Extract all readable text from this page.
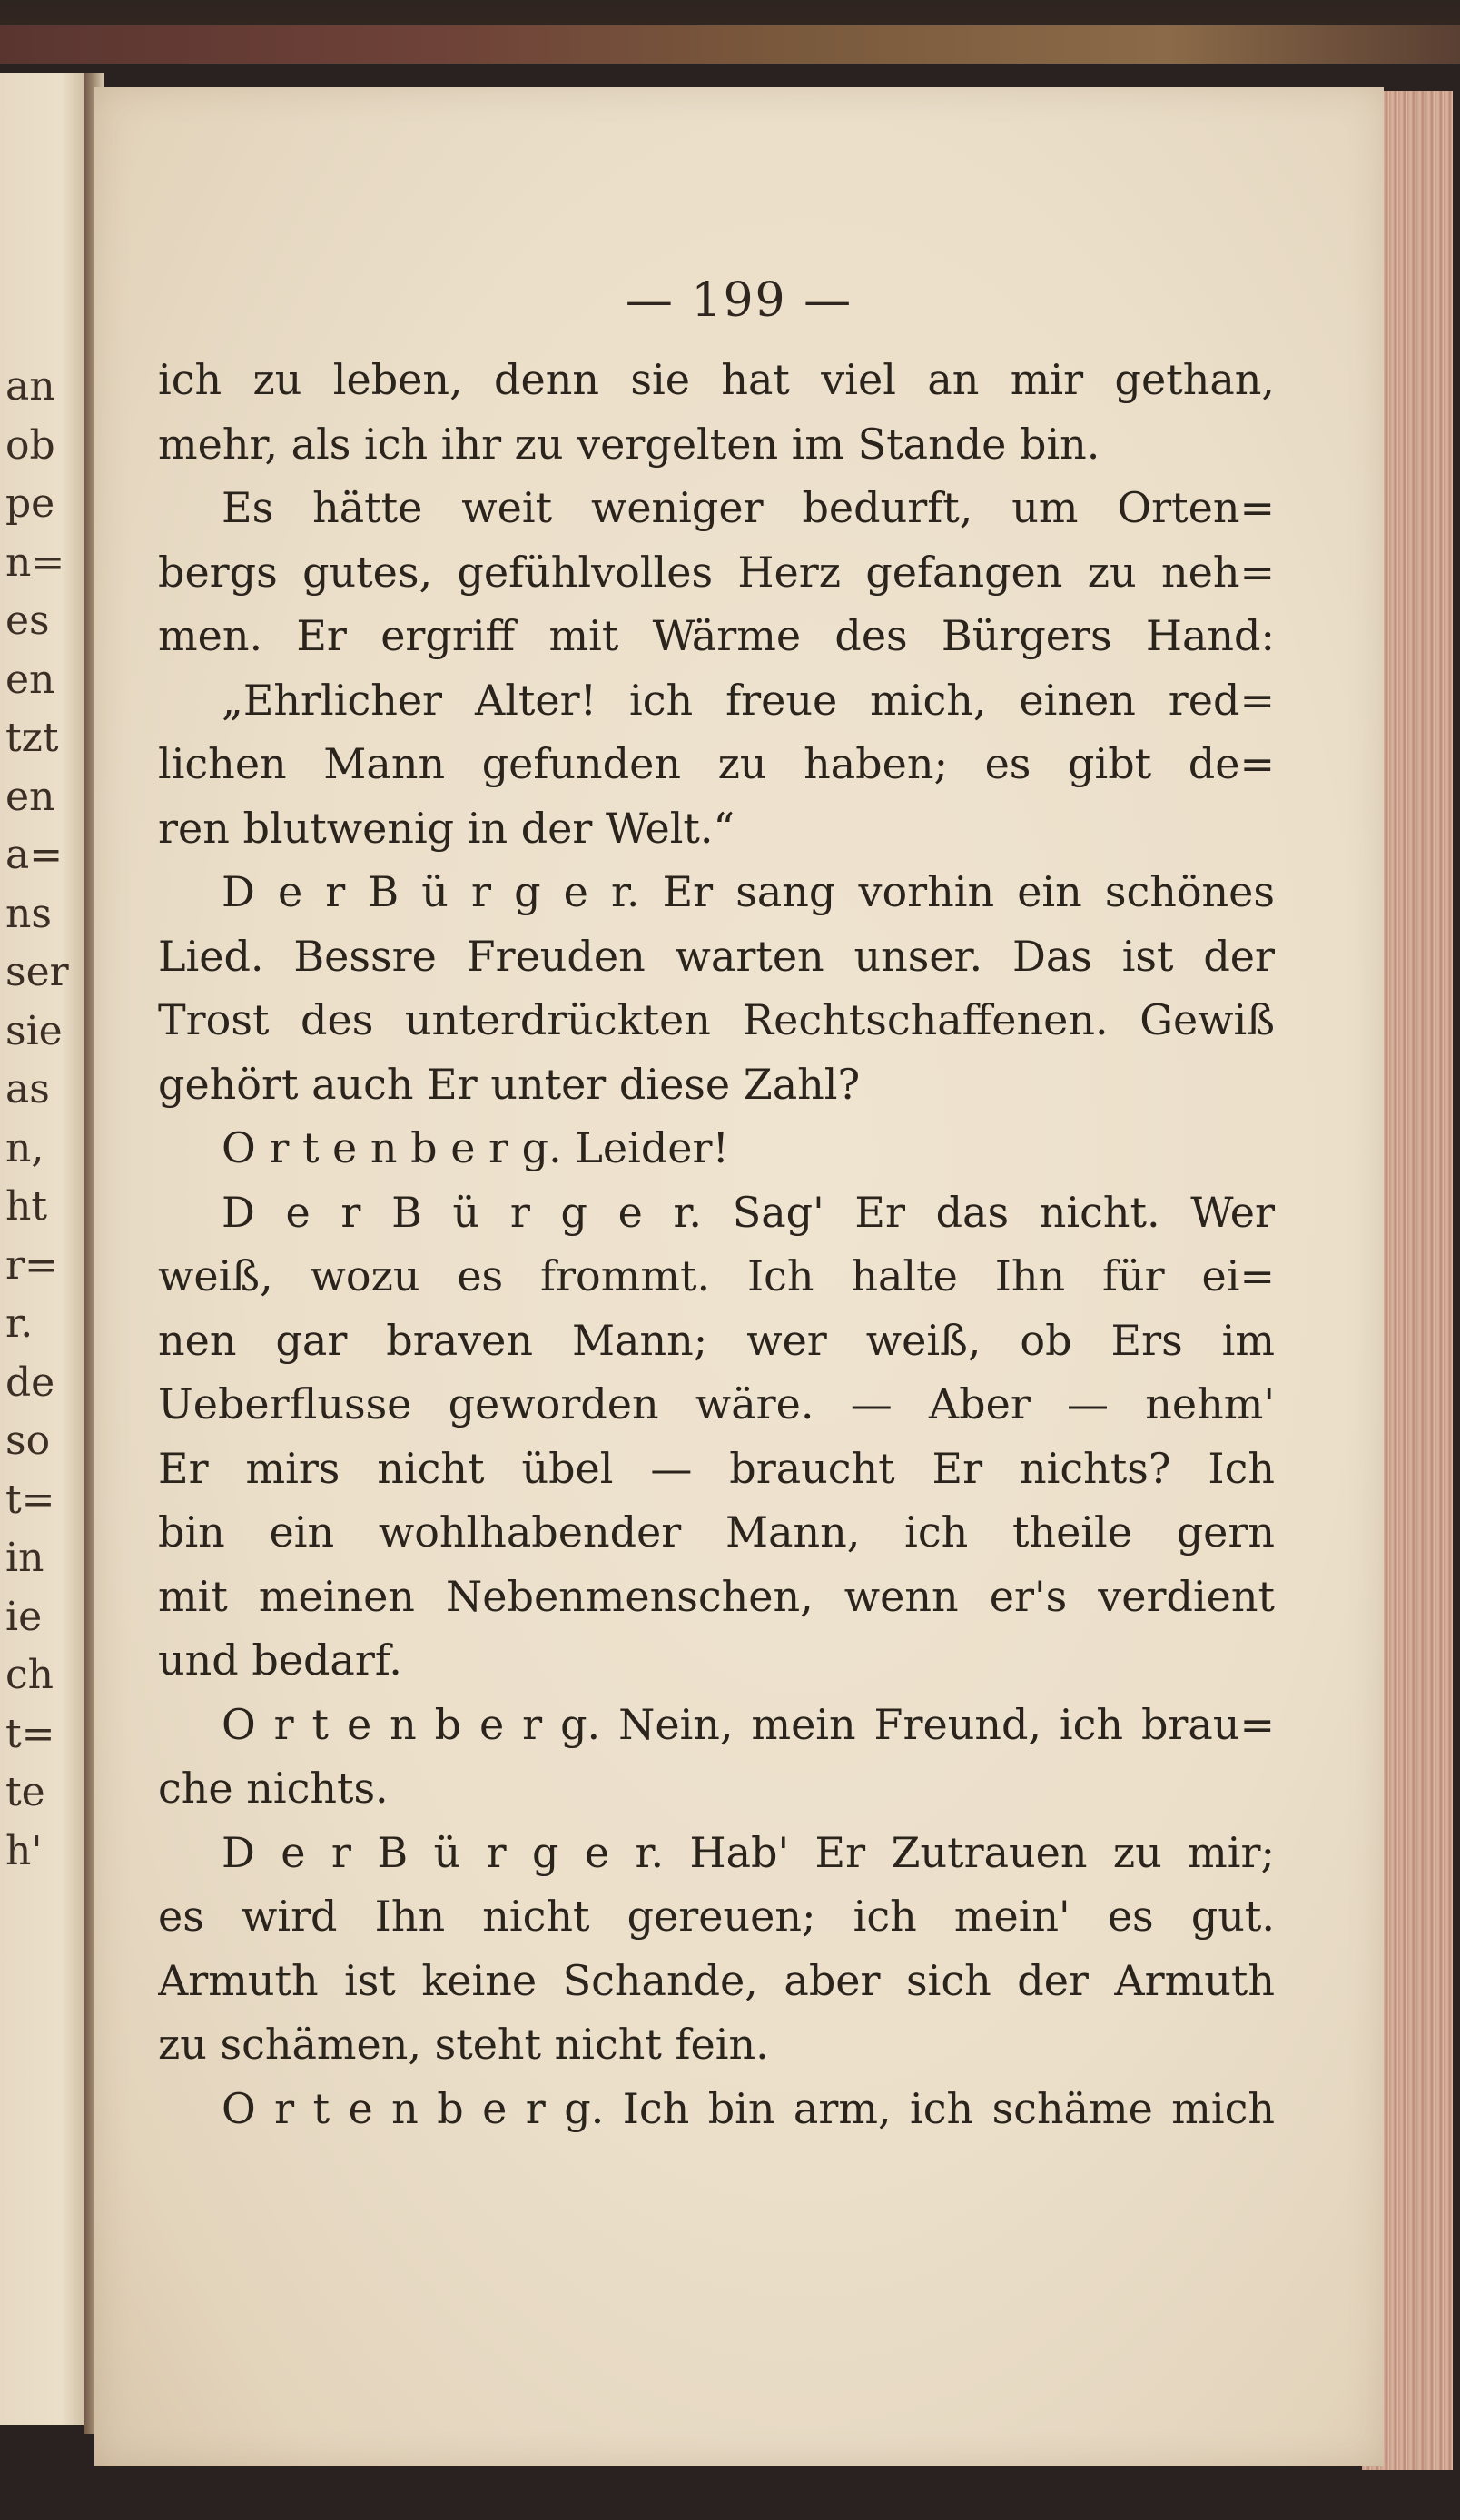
an
ob
pe
n=
es
en
tzt
en
a=
ns
ser
sie
as
n,
ht
r=
r.
de
so
t=
in
ie
ch
t=
te
h'
— 199 —
ich zu leben, denn sie hat viel an mir gethan,
mehr, als ich ihr zu vergelten im Stande bin.
Es hätte weit weniger bedurft, um Orten=
bergs gutes, gefühlvolles Herz gefangen zu neh=
men. Er ergriff mit Wärme des Bürgers Hand:
„Ehrlicher Alter! ich freue mich, einen red=
lichen Mann gefunden zu haben; es gibt de=
ren blutwenig in der Welt.“
D e r B ü r g e r. Er sang vorhin ein schönes
Lied. Bessre Freuden warten unser. Das ist der
Trost des unterdrückten Rechtschaffenen. Gewiß
gehört auch Er unter diese Zahl?
O r t e n b e r g. Leider!
D e r B ü r g e r. Sag' Er das nicht. Wer
weiß, wozu es frommt. Ich halte Ihn für ei=
nen gar braven Mann; wer weiß, ob Ers im
Ueberflusse geworden wäre. — Aber — nehm'
Er mirs nicht übel — braucht Er nichts? Ich
bin ein wohlhabender Mann, ich theile gern
mit meinen Nebenmenschen, wenn er's verdient
und bedarf.
O r t e n b e r g. Nein, mein Freund, ich brau=
che nichts.
D e r B ü r g e r. Hab' Er Zutrauen zu mir;
es wird Ihn nicht gereuen; ich mein' es gut.
Armuth ist keine Schande, aber sich der Armuth
zu schämen, steht nicht fein.
O r t e n b e r g. Ich bin arm, ich schäme mich
